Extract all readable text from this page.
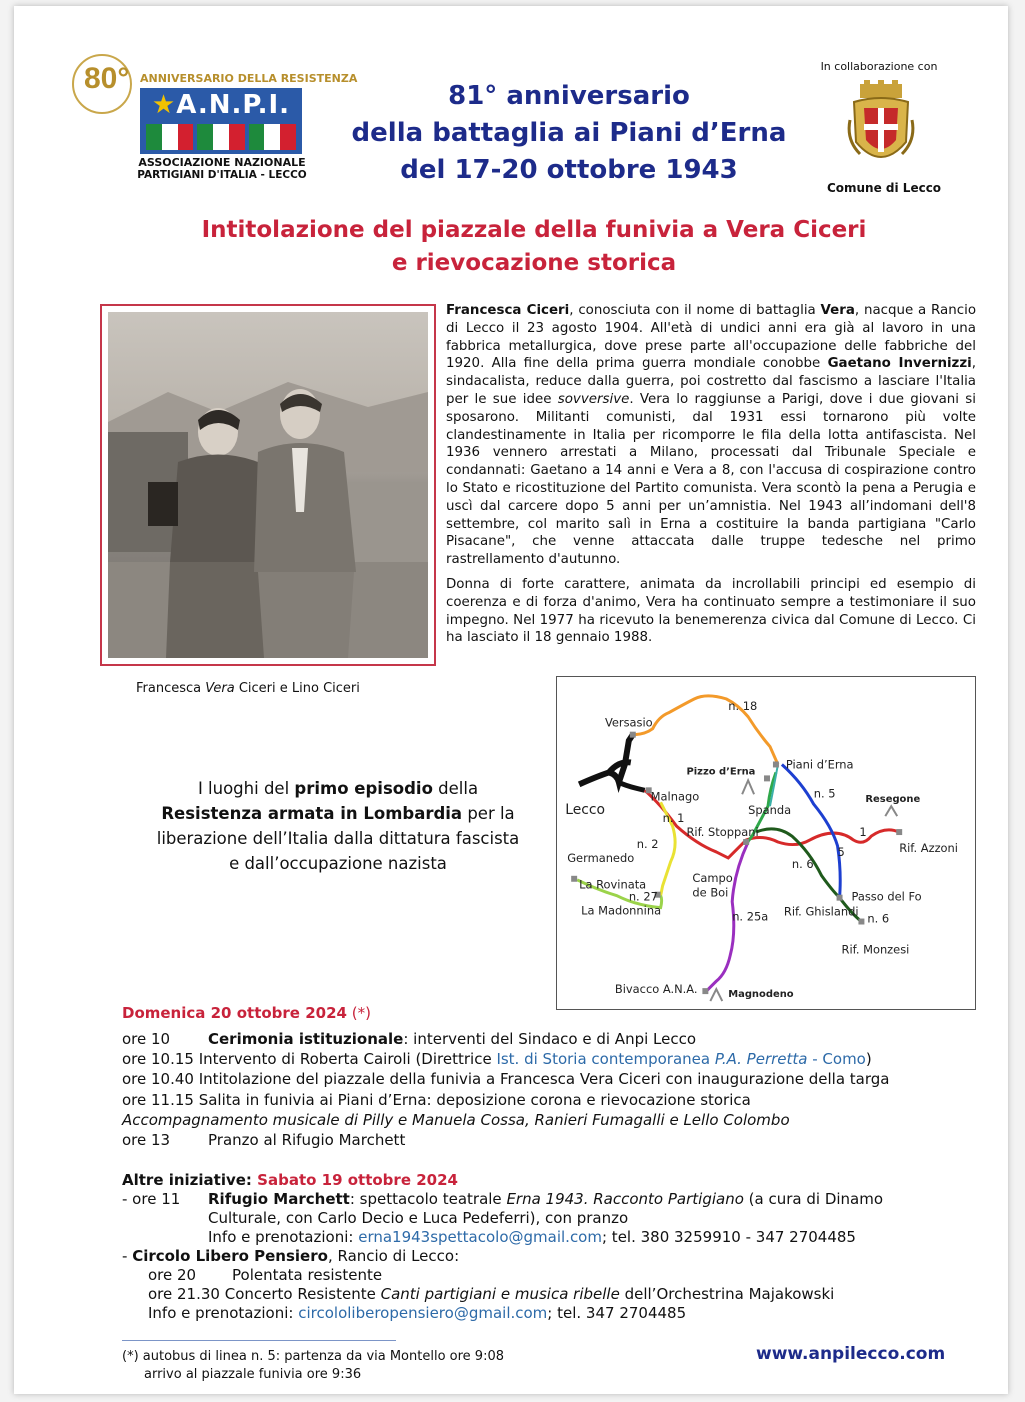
80° ANNIVERSARIO DELLA RESISTENZA
★A.N.P.I.
ASSOCIAZIONE NAZIONALE
PARTIGIANI D'ITALIA - LECCO
81° anniversario
della battaglia ai Piani d’Erna
del 17-20 ottobre 1943
In collaborazione con
Comune di Lecco
Intitolazione del piazzale della funivia a Vera Ciceri
e rievocazione storica
Francesca Vera Ciceri e Lino Ciceri

Francesca Ciceri, conosciuta con il nome di battaglia Vera, nacque a Rancio di Lecco il 23 agosto 1904. All'età di undici anni era già al lavoro in una fabbrica metallurgica, dove prese parte all'occupazione delle fabbriche del 1920. Alla fine della prima guerra mondiale conobbe Gaetano Invernizzi, sindacalista, reduce dalla guerra, poi costretto dal fascismo a lasciare l'Italia per le sue idee sovversive. Vera lo raggiunse a Parigi, dove i due giovani si sposarono. Militanti comunisti, dal 1931 essi tornarono più volte clandestinamente in Italia per ricomporre le fila della lotta antifascista. Nel 1936 vennero arrestati a Milano, processati dal Tribunale Speciale e condannati: Gaetano a 14 anni e Vera a 8, con l'accusa di cospirazione contro lo Stato e ricostituzione del Partito comunista. Vera scontò la pena a Perugia e uscì dal carcere dopo 5 anni per un’amnistia. Nel 1943 all’indomani dell'8 settembre, col marito salì in Erna a costituire la banda partigiana "Carlo Pisacane", che venne attaccata dalle truppe tedesche nel primo rastrellamento d'autunno.

Donna di forte carattere, animata da incrollabili principi ed esempio di coerenza e di forza d'animo, Vera ha continuato sempre a testimoniare il suo impegno. Nel 1977 ha ricevuto la benemerenza civica dal Comune di Lecco. Ci ha lasciato il 18 gennaio 1988.

I luoghi del primo episodio della
Resistenza armata in Lombardia per la
liberazione dell’Italia dalla dittatura fascista
e dall’occupazione nazista
n. 18
Versasio
Pizzo d’Erna
Piani d’Erna
Lecco
Malnago	n. 5	Resegone
Spanda
n. 1
1
Rif. Stoppani
Rif. Azzoni
n. 2
5
Germanedo	n. 6
Campo
de Boi
La Rovinata
n. 27	Passo del Fo
La Madonnina	Rif. Ghislandi
n. 25a	n. 6
Rif. Monzesi
Bivacco A.N.A.	Magnodeno
Domenica 20 ottobre 2024 (*)
ore 10	Cerimonia istituzionale: interventi del Sindaco e di Anpi Lecco
ore 10.15 Intervento di Roberta Cairoli (Direttrice Ist. di Storia contemporanea P.A. Perretta - Como)
ore 10.40 Intitolazione del piazzale della funivia a Francesca Vera Ciceri con inaugurazione della targa
ore 11.15 Salita in funivia ai Piani d’Erna: deposizione corona e rievocazione storica
Accompagnamento musicale di Pilly e Manuela Cossa, Ranieri Fumagalli e Lello Colombo
ore 13	Pranzo al Rifugio Marchett
Altre iniziative: Sabato 19 ottobre 2024
- ore 11 Rifugio Marchett: spettacolo teatrale Erna 1943. Racconto Partigiano (a cura di Dinamo
Culturale, con Carlo Decio e Luca Pedeferri), con pranzo
Info e prenotazioni: erna1943spettacolo@gmail.com; tel. 380 3259910 - 347 2704485
- Circolo Libero Pensiero, Rancio di Lecco:
ore 20 Polentata resistente
ore 21.30 Concerto Resistente Canti partigiani e musica ribelle dell’Orchestrina Majakowski
Info e prenotazioni: circololiberopensiero@gmail.com; tel. 347 2704485
(*) autobus di linea n. 5: partenza da via Montello ore 9:08
arrivo al piazzale funivia ore 9:36
www.anpilecco.com
